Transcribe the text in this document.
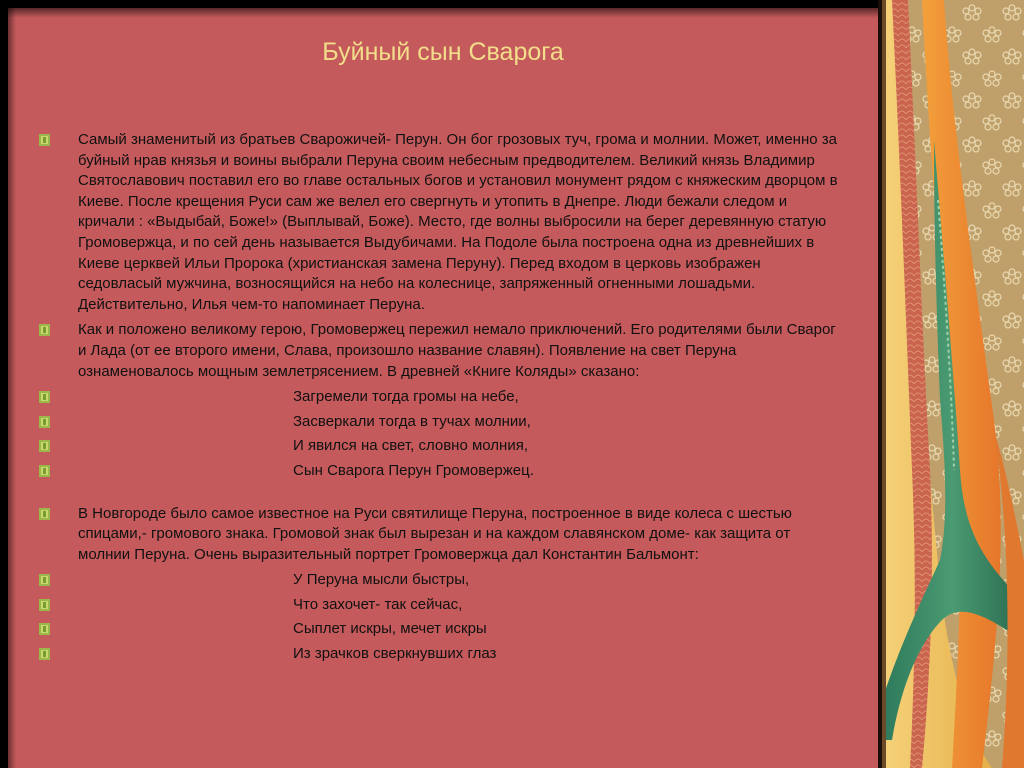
Буйный сын Сварога
Самый знаменитый из братьев Сварожичей- Перун. Он бог грозовых туч, грома и молнии. Может, именно за буйный нрав князья и воины выбрали Перуна своим небесным предводителем. Великий князь Владимир Святославович поставил его во главе остальных богов и установил монумент рядом с княжеским дворцом в Киеве. После крещения Руси сам же велел его свергнуть и утопить в Днепре. Люди бежали следом и кричали : «Выдыбай, Боже!» (Выплывай, Боже). Место, где волны выбросили на берег деревянную статую Громовержца, и по сей день называется Выдубичами. На Подоле была построена одна из древнейших в Киеве церквей Ильи Пророка (христианская замена Перуну). Перед входом в церковь изображен седовласый мужчина, возносящийся на небо на колеснице, запряженный огненными лошадьми. Действительно, Илья чем-то напоминает Перуна.
Как и положено великому герою, Громовержец пережил немало приключений. Его родителями были Сварог и Лада (от ее второго имени, Слава, произошло название славян). Появление на свет Перуна ознаменовалось мощным землетрясением. В древней «Книге Коляды» сказано:
Загремели тогда громы на небе,
Засверкали тогда в тучах молнии,
И явился на свет, словно молния,
Сын Сварога Перун Громовержец.
В Новгороде было самое известное на Руси святилище Перуна, построенное в виде колеса с шестью спицами,- громового знака. Громовой знак был вырезан и на каждом славянском доме- как защита от молнии Перуна. Очень выразительный портрет Громовержца дал Константин Бальмонт:
У Перуна мысли быстры,
Что захочет- так сейчас,
Сыплет искры, мечет искры
Из зрачков сверкнувших глаз
